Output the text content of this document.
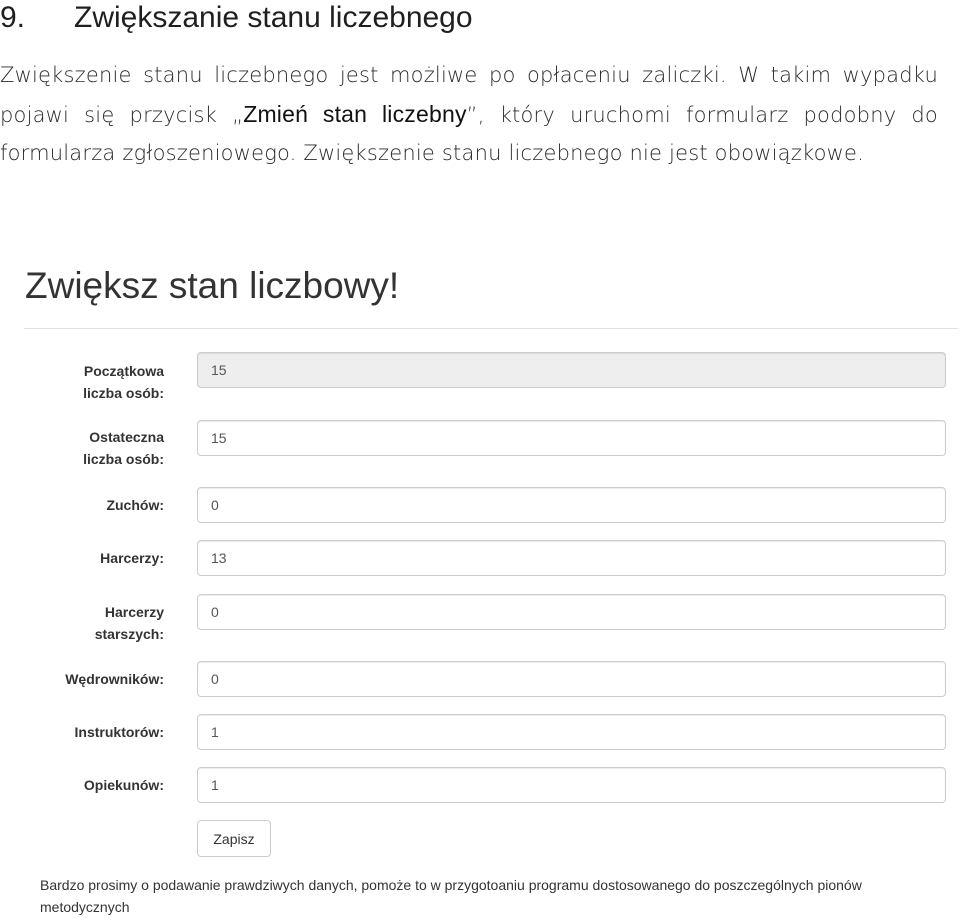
9. Zwiększanie stanu liczebnego

Zwiększenie stanu liczebnego jest możliwe po opłaceniu zaliczki. W takim wypadku pojawi się przycisk „Zmień stan liczebny”, który uruchomi formularz podobny do formularza zgłoszeniowego. Zwiększenie stanu liczebnego nie jest obowiązkowe.

Zwiększ stan liczbowy!
Początkowa
liczba osób:
15
Ostateczna
liczba osób:
15
Zuchów:
0
Harcerzy:
13
Harcerzy
starszych:
0
Wędrowników:
0
Instruktorów:
1
Opiekunów:
1
Zapisz

Bardzo prosimy o podawanie prawdziwych danych, pomoże to w przygotoaniu programu dostosowanego do poszczególnych pionów metodycznych
